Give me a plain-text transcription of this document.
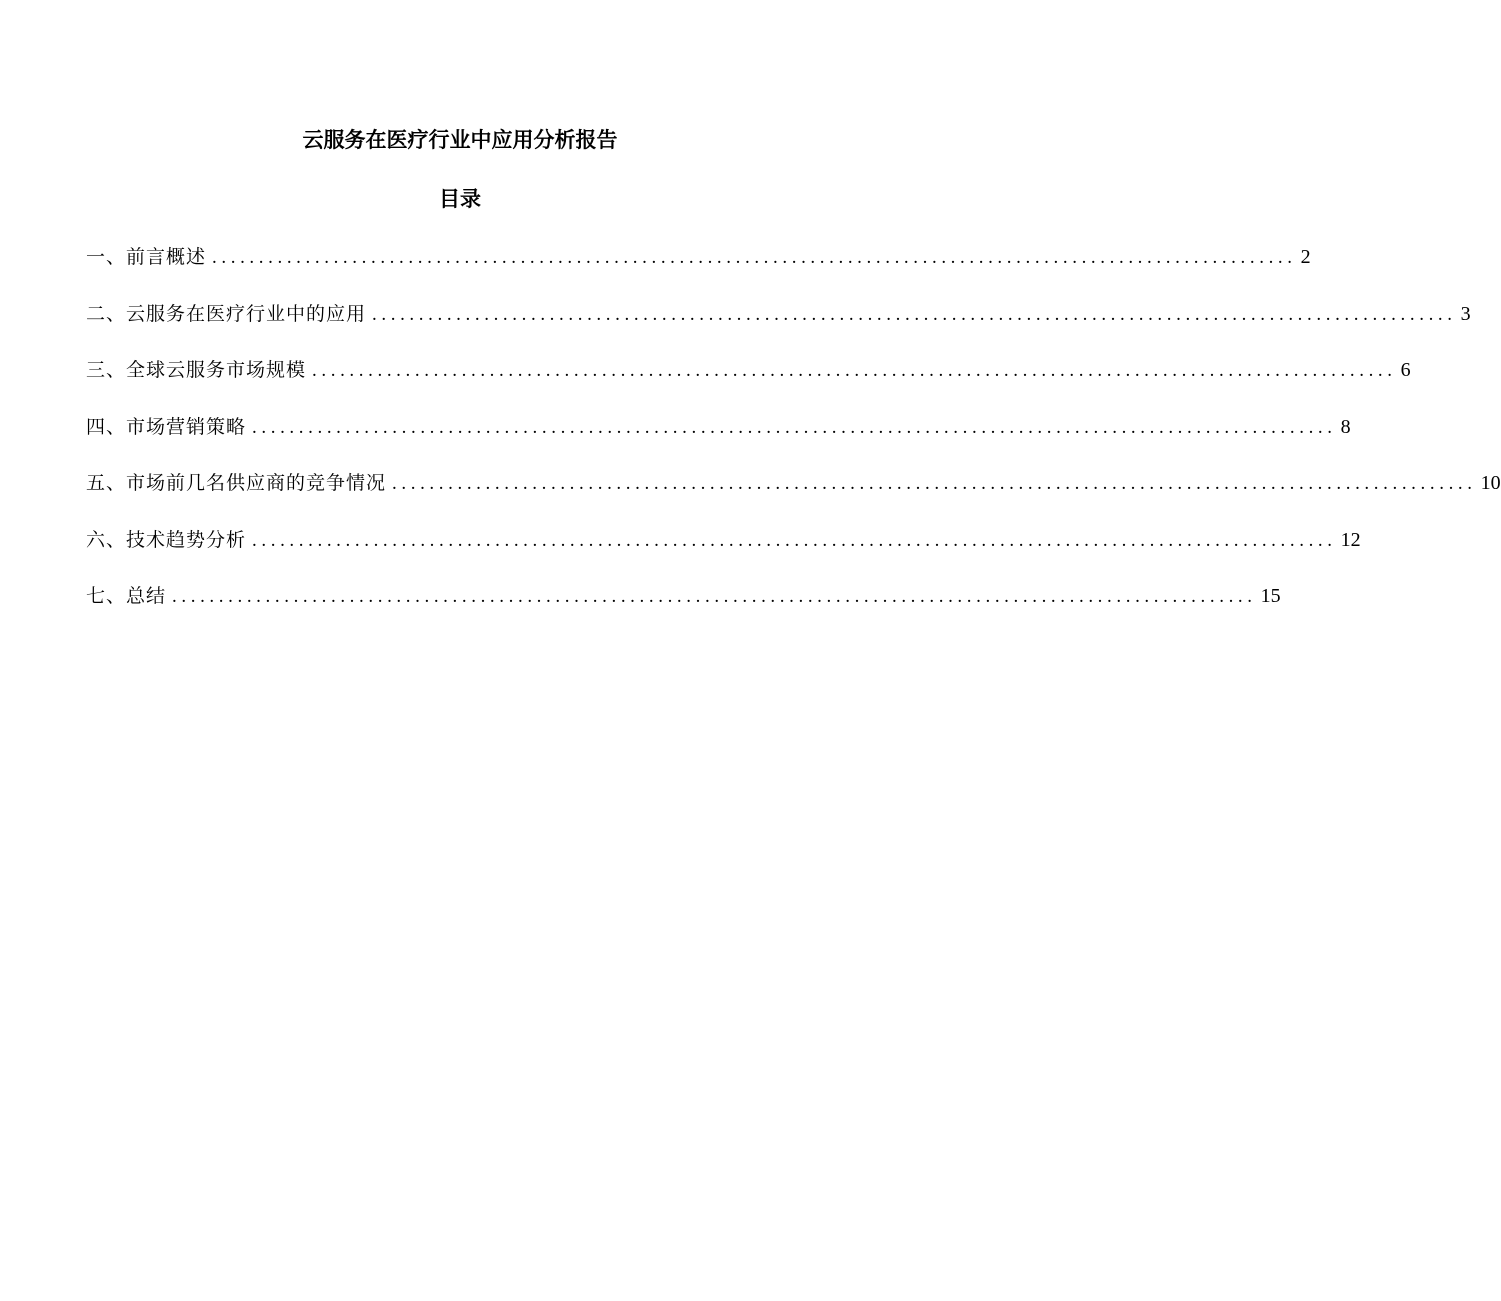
云服务在医疗行业中应用分析报告
目录
一、前言概述 .................................................................................................................... 2
二、云服务在医疗行业中的应用 .................................................................................................................... 3
三、全球云服务市场规模 .................................................................................................................... 6
四、市场营销策略 .................................................................................................................... 8
五、市场前几名供应商的竞争情况 .................................................................................................................... 10
六、技术趋势分析 .................................................................................................................... 12
七、总结 .................................................................................................................... 15
